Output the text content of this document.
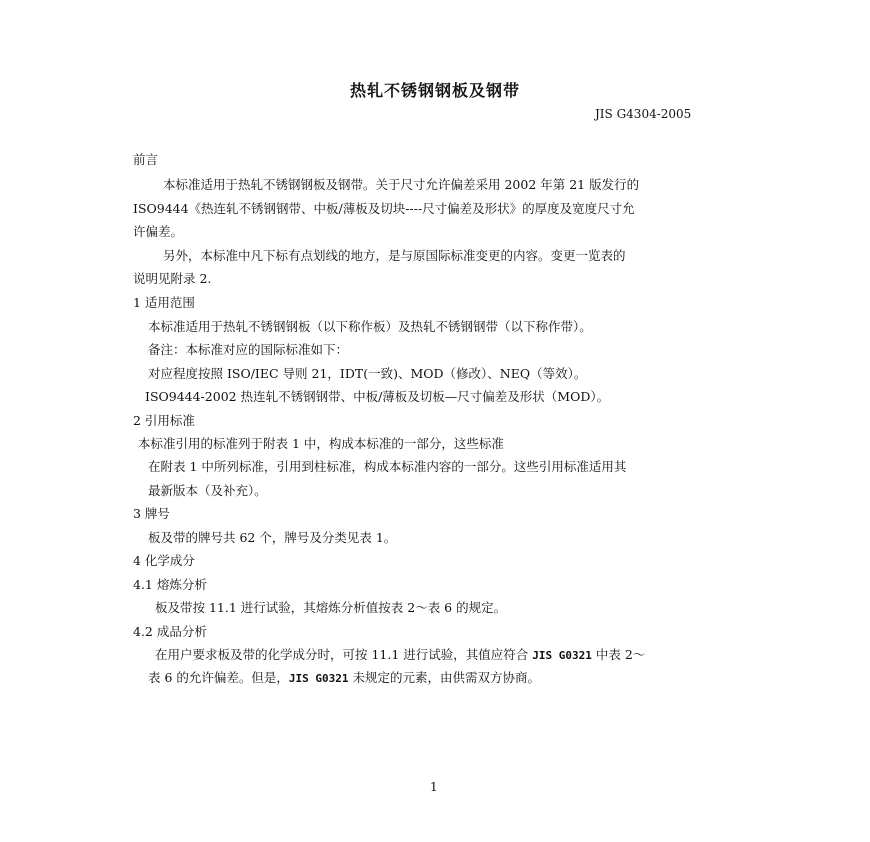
热轧不锈钢钢板及钢带
JIS G4304-2005
前言
本标准适用于热轧不锈钢钢板及钢带。关于尺寸允许偏差采用 2002 年第 21 版发行的
ISO9444《热连轧不锈钢钢带、中板/薄板及切块----尺寸偏差及形状》的厚度及宽度尺寸允
许偏差。
另外，本标准中凡下标有点划线的地方，是与原国际标准变更的内容。变更一览表的
说明见附录 2.
1 适用范围
本标准适用于热轧不锈钢钢板（以下称作板）及热轧不锈钢钢带（以下称作带）。
备注：本标准对应的国际标准如下：
对应程度按照 ISO/IEC 导则 21，IDT(一致)、MOD（修改）、NEQ（等效）。
ISO9444-2002 热连轧不锈钢钢带、中板/薄板及切板—尺寸偏差及形状（MOD）。
2 引用标准
本标准引用的标准列于附表 1 中，构成本标准的一部分，这些标准
在附表 1 中所列标准，引用到柱标准，构成本标准内容的一部分。这些引用标准适用其
最新版本（及补充）。
3 牌号
板及带的牌号共 62 个，牌号及分类见表 1。
4 化学成分
4.1 熔炼分析
板及带按 11.1 进行试验，其熔炼分析值按表 2～表 6 的规定。
4.2 成品分析
在用户要求板及带的化学成分时，可按 11.1 进行试验，其值应符合 JIS G0321 中表 2～
表 6 的允许偏差。但是，JIS G0321 未规定的元素，由供需双方协商。
1
